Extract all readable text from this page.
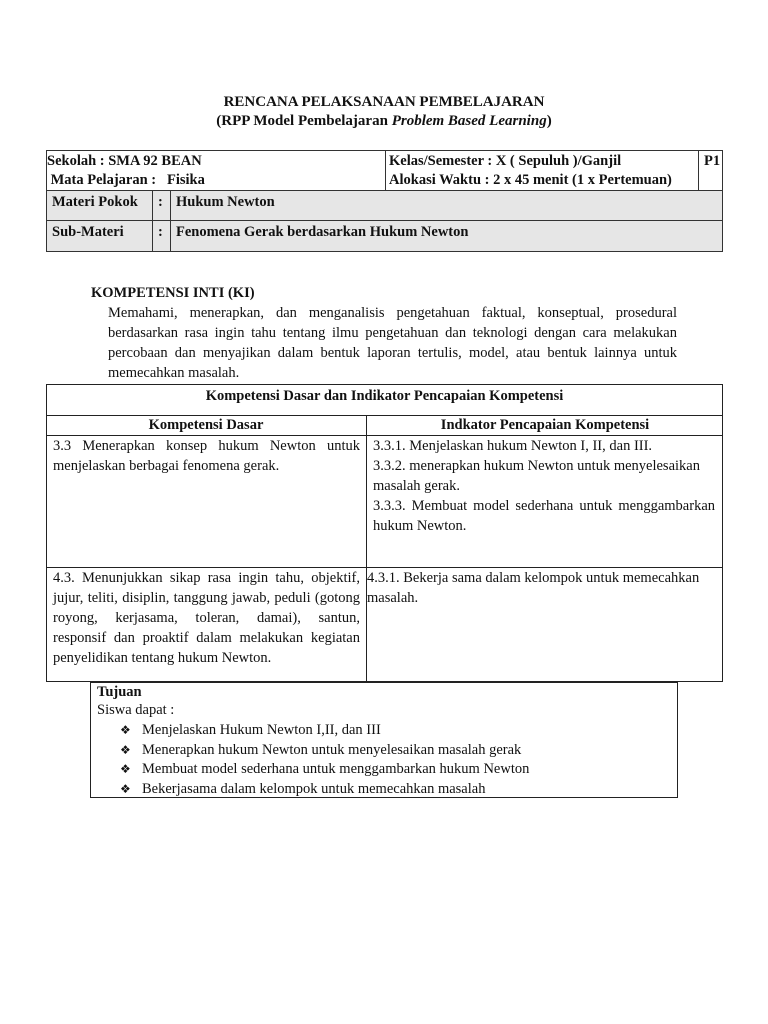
RENCANA PELAKSANAAN PEMBELAJARAN
(RPP Model Pembelajaran Problem Based Learning)
Sekolah : SMA 92 BEAN
Mata Pelajaran :   Fisika
Kelas/Semester : X ( Sepuluh )/Ganjil
Alokasi Waktu : 2 x 45 menit (1 x Pertemuan)
P1
Materi Pokok : Hukum Newton
Sub-Materi : Fenomena Gerak berdasarkan Hukum Newton
KOMPETENSI INTI (KI)
Memahami, menerapkan, dan menganalisis pengetahuan faktual, konseptual, prosedural berdasarkan rasa ingin tahu tentang ilmu pengetahuan dan teknologi dengan cara melakukan percobaan dan menyajikan dalam bentuk laporan tertulis, model, atau bentuk lainnya untuk memecahkan masalah.
Kompetensi Dasar dan Indikator Pencapaian Kompetensi
Kompetensi Dasar	Indkator Pencapaian Kompetensi
3.3 Menerapkan konsep hukum Newton untuk menjelaskan berbagai fenomena gerak.
3.3.1. Menjelaskan hukum Newton I, II, dan III.
3.3.2. menerapkan hukum Newton untuk menyelesaikan masalah gerak.
3.3.3. Membuat model sederhana untuk menggambarkan hukum Newton.
4.3. Menunjukkan sikap rasa ingin tahu, objektif, jujur, teliti, disiplin, tanggung jawab, peduli (gotong royong, kerjasama, toleran, damai), santun, responsif dan proaktif dalam melakukan kegiatan penyelidikan tentang hukum Newton.
4.3.1. Bekerja sama dalam kelompok untuk memecahkan masalah.
Tujuan
Siswa dapat :
❖ Menjelaskan Hukum Newton I,II, dan III
❖ Menerapkan hukum Newton untuk menyelesaikan masalah gerak
❖ Membuat model sederhana untuk menggambarkan hukum Newton
❖ Bekerjasama dalam kelompok untuk memecahkan masalah
